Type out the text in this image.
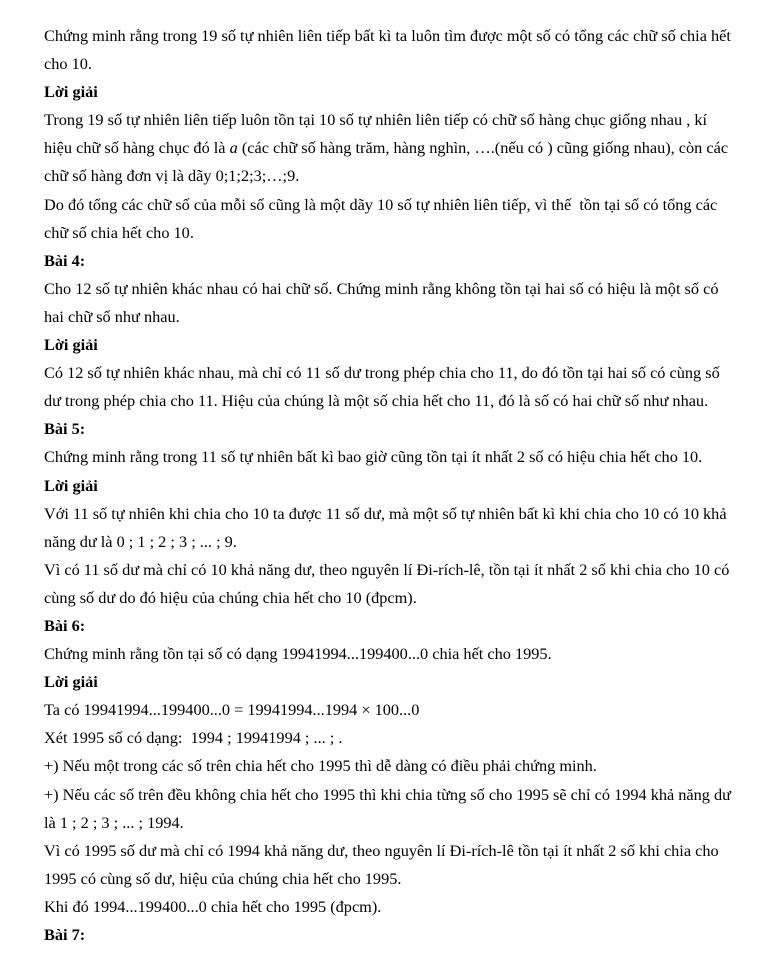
Chứng minh rằng trong 19 số tự nhiên liên tiếp bất kì ta luôn tìm được một số có tổng các chữ số chia hết
cho 10.
Lời giải
Trong 19 số tự nhiên liên tiếp luôn tồn tại 10 số tự nhiên liên tiếp có chữ số hàng chục giống nhau , kí
hiệu chữ số hàng chục đó là a (các chữ số hàng trăm, hàng nghìn, ….(nếu có ) cũng giống nhau), còn các
chữ số hàng đơn vị là dãy 0;1;2;3;…;9.
Do đó tổng các chữ số của mỗi số cũng là một dãy 10 số tự nhiên liên tiếp, vì thế  tồn tại số có tổng các
chữ số chia hết cho 10.
Bài 4:
Cho 12 số tự nhiên khác nhau có hai chữ số. Chứng minh rằng không tồn tại hai số có hiệu là một số có
hai chữ số như nhau.
Lời giải
Có 12 số tự nhiên khác nhau, mà chỉ có 11 số dư trong phép chia cho 11, do đó tồn tại hai số có cùng số
dư trong phép chia cho 11. Hiệu của chúng là một số chia hết cho 11, đó là số có hai chữ số như nhau.
Bài 5:
Chứng minh rằng trong 11 số tự nhiên bất kì bao giờ cũng tồn tại ít nhất 2 số có hiệu chia hết cho 10.
Lời giải
Với 11 số tự nhiên khi chia cho 10 ta được 11 số dư, mà một số tự nhiên bất kì khi chia cho 10 có 10 khả
năng dư là 0 ; 1 ; 2 ; 3 ; ... ; 9.
Vì có 11 số dư mà chỉ có 10 khả năng dư, theo nguyên lí Đi-rích-lê, tồn tại ít nhất 2 số khi chia cho 10 có
cùng số dư do đó hiệu của chúng chia hết cho 10 (đpcm).
Bài 6:
Chứng minh rằng tồn tại số có dạng 19941994...199400...0 chia hết cho 1995.
Lời giải
Ta có 19941994...199400...0 = 19941994...1994 × 100...0
Xét 1995 số có dạng:  1994 ; 19941994 ; ... ; .
+) Nếu một trong các số trên chia hết cho 1995 thì dễ dàng có điều phải chứng minh.
+) Nếu các số trên đều không chia hết cho 1995 thì khi chia từng số cho 1995 sẽ chỉ có 1994 khả năng dư
là 1 ; 2 ; 3 ; ... ; 1994.
Vì có 1995 số dư mà chỉ có 1994 khả năng dư, theo nguyên lí Đi-rích-lê tồn tại ít nhất 2 số khi chia cho
1995 có cùng số dư, hiệu của chúng chia hết cho 1995.
Khi đó 1994...199400...0 chia hết cho 1995 (đpcm).
Bài 7:
